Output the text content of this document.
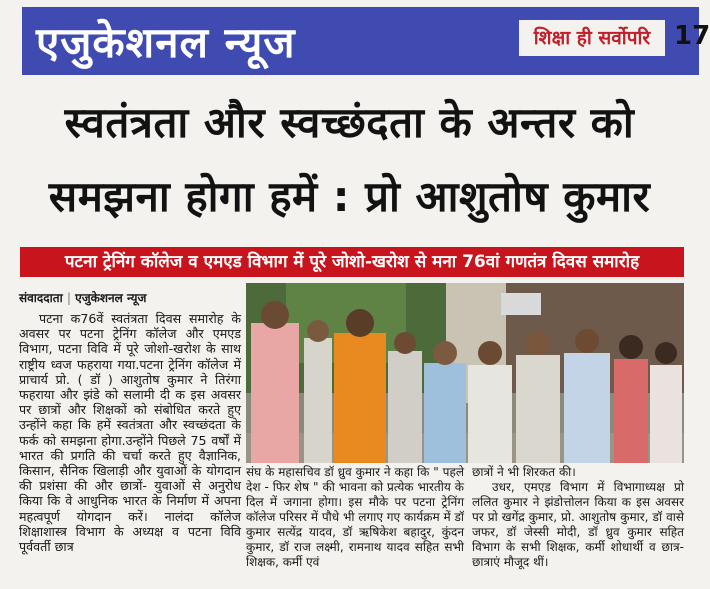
एजुकेशनल न्यूज	शिक्षा ही सर्वोपरि 17
स्वतंत्रता और स्वच्छंदता के अन्तर को
समझना होगा हमें : प्रो आशुतोष कुमार
पटना ट्रेनिंग कॉलेज व एमएड विभाग में पूरे जोशो-खरोश से मना 76वां गणतंत्र दिवस समारोह
संवाददाता | एजुकेशनल न्यूज

पटना क76वें स्वतंत्रता दिवस समारोह के अवसर पर पटना ट्रेनिंग कॉलेज और एमएड विभाग, पटना विवि में पूरे जोशो-खरोश के साथ राष्ट्रीय ध्वज फहराया गया.पटना ट्रेनिंग कॉलेज में प्राचार्य प्रो. ( डॉ ) आशुतोष कुमार ने तिरंगा फहराया और झंडे को सलामी दी क इस अवसर पर छात्रों और शिक्षकों को संबोधित करते हुए उन्होंने कहा कि हमें स्वतंत्रता और स्वच्छंदता के फर्क को समझना होगा.उन्होंने पिछले 75 वर्षों में भारत की प्रगति की चर्चा करते हुए वैज्ञानिक, किसान, सैनिक खिलाड़ी और युवाओं के योगदान की प्रशंसा की और छात्रों- युवाओं से अनुरोध किया कि वे आधुनिक भारत के निर्माण में अपना महत्वपूर्ण योगदान करें। नालंदा कॉलेज शिक्षाशास्त्र विभाग के अध्यक्ष व पटना विवि पूर्ववर्ती छात्र

संघ के महासचिव डॉ ध्रुव कुमार ने कहा कि " पहले देश - फिर शेष " की भावना को प्रत्येक भारतीय के दिल में जगाना होगा। इस मौके पर पटना ट्रेनिंग कॉलेज परिसर में पौधे भी लगाए गए कार्यक्रम में डॉ कुमार सत्येंद्र यादव, डॉ ऋषिकेश बहादुर, कुंदन कुमार, डॉ राज लक्ष्मी, रामनाथ यादव सहित सभी शिक्षक, कर्मी एवं

छात्रों ने भी शिरकत की।

उधर, एमएड विभाग में विभागाध्यक्ष प्रो ललित कुमार ने झंडोत्तोलन किया क इस अवसर पर प्रो खगेंद्र कुमार, प्रो. आशुतोष कुमार, डॉ वासे जफर, डॉ जेस्सी मोदी, डॉ ध्रुव कुमार सहित विभाग के सभी शिक्षक, कर्मी शोधार्थी व छात्र- छात्राएं मौजूद थीं।
